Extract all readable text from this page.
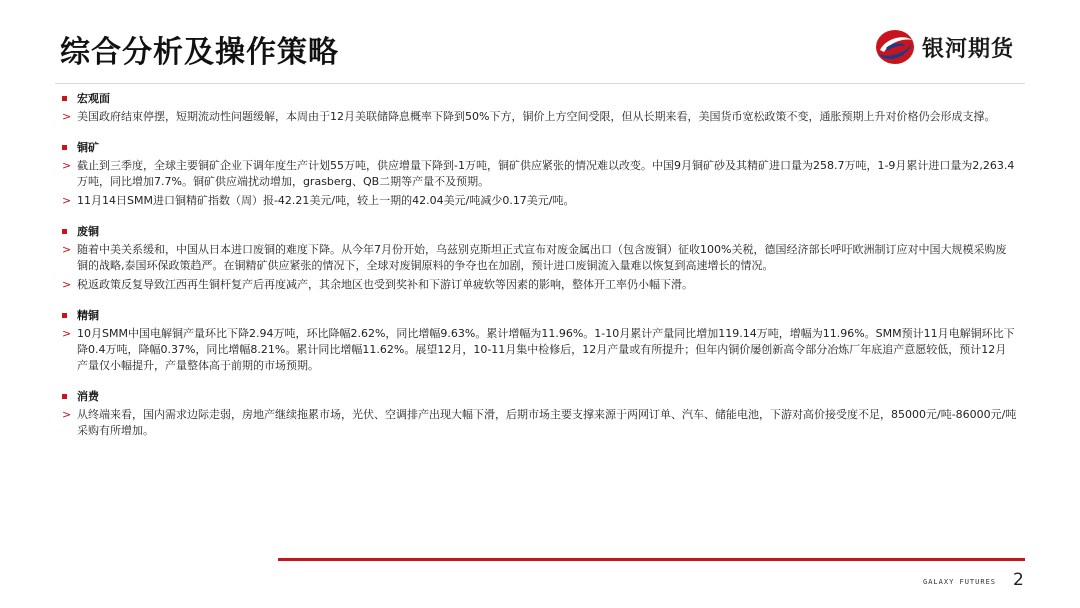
综合分析及操作策略	银河期货
宏观面
> 美国政府结束停摆，短期流动性问题缓解，本周由于12月美联储降息概率下降到50%下方，铜价上方空间受限，但从长期来看，美国货币宽松政策不变，通胀预期上升对价格仍会形成支撑。
铜矿
> 截止到三季度，全球主要铜矿企业下调年度生产计划55万吨，供应增量下降到-1万吨，铜矿供应紧张的情况难以改变。中国9月铜矿砂及其精矿进口量为258.7万吨，1-9月累计进口量为2,263.4万吨，同比增加7.7%。铜矿供应端扰动增加，grasberg、QB二期等产量不及预期。
> 11月14日SMM进口铜精矿指数（周）报-42.21美元/吨，较上一期的42.04美元/吨减少0.17美元/吨。
废铜
> 随着中美关系缓和，中国从日本进口废铜的难度下降。从今年7月份开始，乌兹别克斯坦正式宣布对废金属出口（包含废铜）征收100%关税，德国经济部长呼吁欧洲制订应对中国大规模采购废铜的战略,泰国环保政策趋严。在铜精矿供应紧张的情况下，全球对废铜原料的争夺也在加剧，预计进口废铜流入量难以恢复到高速增长的情况。
> 税返政策反复导致江西再生铜杆复产后再度减产，其余地区也受到奖补和下游订单疲软等因素的影响，整体开工率仍小幅下滑。
精铜
> 10月SMM中国电解铜产量环比下降2.94万吨，环比降幅2.62%，同比增幅9.63%。累计增幅为11.96%。1-10月累计产量同比增加119.14万吨，增幅为11.96%。SMM预计11月电解铜环比下降0.4万吨，降幅0.37%，同比增幅8.21%。累计同比增幅11.62%。展望12月，10-11月集中检修后，12月产量或有所提升；但年内铜价屡创新高令部分冶炼厂年底追产意愿较低，预计12月产量仅小幅提升，产量整体高于前期的市场预期。
消费
> 从终端来看，国内需求边际走弱，房地产继续拖累市场，光伏、空调排产出现大幅下滑，后期市场主要支撑来源于两网订单、汽车、储能电池，下游对高价接受度不足，85000元/吨-86000元/吨采购有所增加。
GALAXY FUTURES 2
